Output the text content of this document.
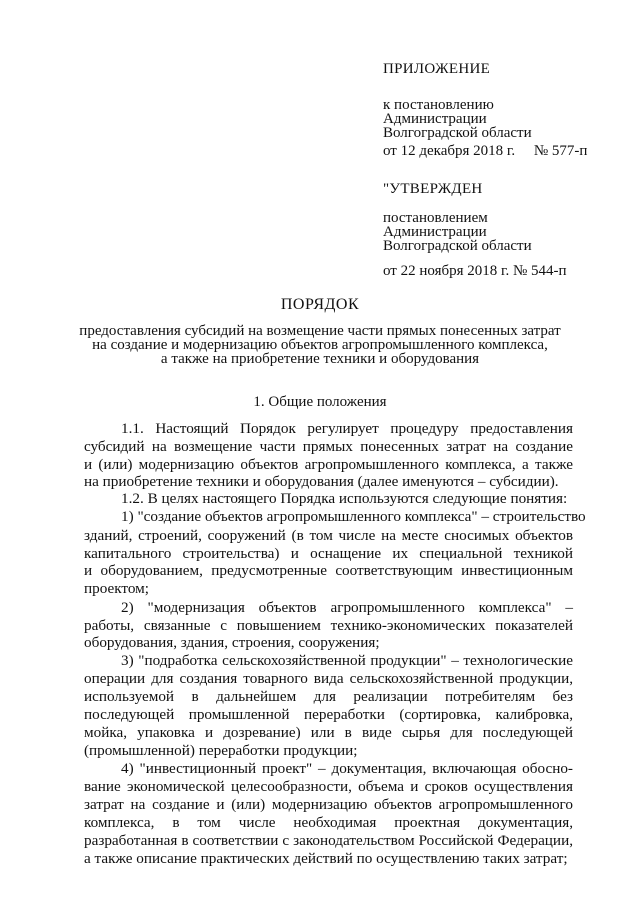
ПРИЛОЖЕНИЕ
к постановлению
Администрации
Волгоградской области
от 12 декабря 2018 г.     № 577-п
"УТВЕРЖДЕН
постановлением
Администрации
Волгоградской области
от 22 ноября 2018 г. № 544-п
ПОРЯДОК
предоставления субсидий на возмещение части прямых понесенных затрат
на создание и модернизацию объектов агропромышленного комплекса,
а также на приобретение техники и оборудования
1. Общие положения
1.1. Настоящий Порядок регулирует процедуру предоставления
субсидий на возмещение части прямых понесенных затрат на создание
и (или) модернизацию объектов агропромышленного комплекса, а также
на приобретение техники и оборудования (далее именуются – субсидии).
1.2. В целях настоящего Порядка используются следующие понятия:
1) "создание объектов агропромышленного комплекса" – строительство
зданий, строений, сооружений (в том числе на месте сносимых объектов
капитального строительства) и оснащение их специальной техникой
и оборудованием, предусмотренные соответствующим инвестиционным
проектом;
2) "модернизация объектов агропромышленного комплекса" –
работы, связанные с повышением технико-экономических показателей
оборудования, здания, строения, сооружения;
3) "подработка сельскохозяйственной продукции" – технологические
операции для создания товарного вида сельскохозяйственной продукции,
используемой в дальнейшем для реализации потребителям без
последующей промышленной переработки (сортировка, калибровка,
мойка, упаковка и дозревание) или в виде сырья для последующей
(промышленной) переработки продукции;
4) "инвестиционный проект" – документация, включающая обосно-
вание экономической целесообразности, объема и сроков осуществления
затрат на создание и (или) модернизацию объектов агропромышленного
комплекса, в том числе необходимая проектная документация,
разработанная в соответствии с законодательством Российской Федерации,
а также описание практических действий по осуществлению таких затрат;
